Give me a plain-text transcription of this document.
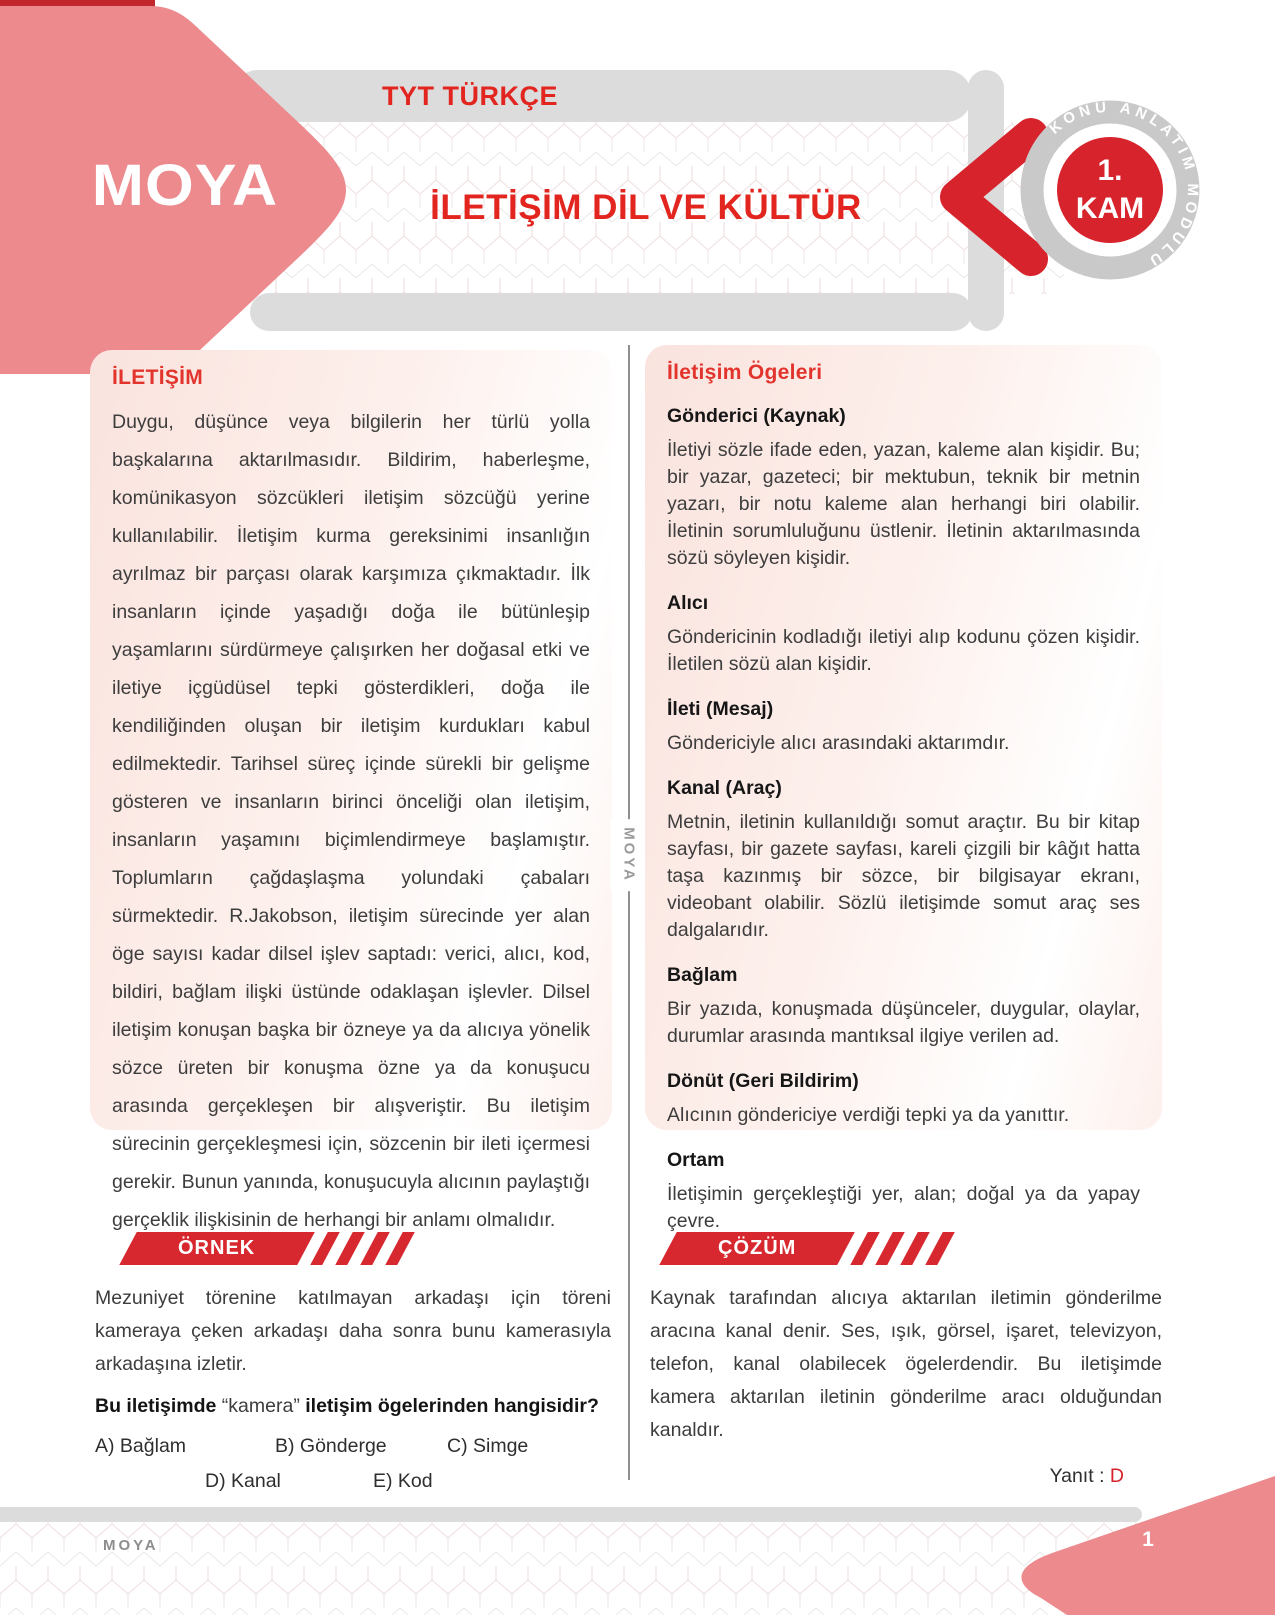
TYT TÜRKÇE
İLETİŞİM DİL VE KÜLTÜR
MOYA
KONU ANLATIM MODÜLÜ
1.
KAM
İLETİŞİM
Duygu, düşünce veya bilgilerin her türlü yolla başkalarına aktarılmasıdır. Bildirim, haberleşme, komünikasyon sözcükleri iletişim sözcüğü yerine kullanılabilir. İletişim kurma gereksinimi insanlığın ayrılmaz bir parçası olarak karşımıza çıkmaktadır. İlk insanların içinde yaşadığı doğa ile bütünleşip yaşamlarını sürdürmeye çalışırken her doğasal etki ve iletiye içgüdüsel tepki gösterdikleri, doğa ile kendiliğinden oluşan bir iletişim kurdukları kabul edilmektedir. Tarihsel süreç içinde sürekli bir gelişme gösteren ve insanların birinci önceliği olan iletişim, insanların yaşamını biçimlendirmeye başlamıştır. Toplumların çağdaşlaşma yolundaki çabaları sürmektedir. R.Jakobson, iletişim sürecinde yer alan öge sayısı kadar dilsel işlev saptadı: verici, alıcı, kod, bildiri, bağlam ilişki üstünde odaklaşan işlevler. Dilsel iletişim konuşan başka bir özneye ya da alıcıya yönelik sözce üreten bir konuşma özne ya da konuşucu arasında gerçekleşen bir alışveriştir. Bu iletişim sürecinin gerçekleşmesi için, sözcenin bir ileti içermesi gerekir. Bunun yanında, konuşucuyla alıcının paylaştığı gerçeklik ilişkisinin de herhangi bir anlamı olmalıdır.
MOYA
İletişim Ögeleri
Gönderici (Kaynak)
İletiyi sözle ifade eden, yazan, kaleme alan kişidir. Bu; bir yazar, gazeteci; bir mektubun, teknik bir metnin yazarı, bir notu kaleme alan herhangi biri olabilir. İletinin sorumluluğunu üstlenir. İletinin aktarılmasında sözü söyleyen kişidir.
Alıcı
Göndericinin kodladığı iletiyi alıp kodunu çözen kişidir. İletilen sözü alan kişidir.
İleti (Mesaj)
Göndericiyle alıcı arasındaki aktarımdır.
Kanal (Araç)
Metnin, iletinin kullanıldığı somut araçtır. Bu bir kitap sayfası, bir gazete sayfası, kareli çizgili bir kâğıt hatta taşa kazınmış bir sözce, bir bilgisayar ekranı, videobant olabilir. Sözlü iletişimde somut araç ses dalgalarıdır.
Bağlam
Bir yazıda, konuşmada düşünceler, duygular, olaylar, durumlar arasında mantıksal ilgiye verilen ad.
Dönüt (Geri Bildirim)
Alıcının göndericiye verdiği tepki ya da yanıttır.
Ortam
İletişimin gerçekleştiği yer, alan; doğal ya da yapay çevre.
ÖRNEK
Mezuniyet törenine katılmayan arkadaşı için töreni kameraya çeken arkadaşı daha sonra bunu kamerasıyla arkadaşına izletir.
Bu iletişimde “kamera” iletişim ögelerinden hangisidir?
A) Bağlam	B) Gönderge	C) Simge
D) Kanal	E) Kod
ÇÖZÜM
Kaynak tarafından alıcıya aktarılan iletimin gönderilme aracına kanal denir. Ses, ışık, görsel, işaret, televizyon, telefon, kanal olabilecek ögelerdendir. Bu iletişimde kamera aktarılan iletinin gönderilme aracı olduğundan kanaldır.
Yanıt : D
MOYA	1
